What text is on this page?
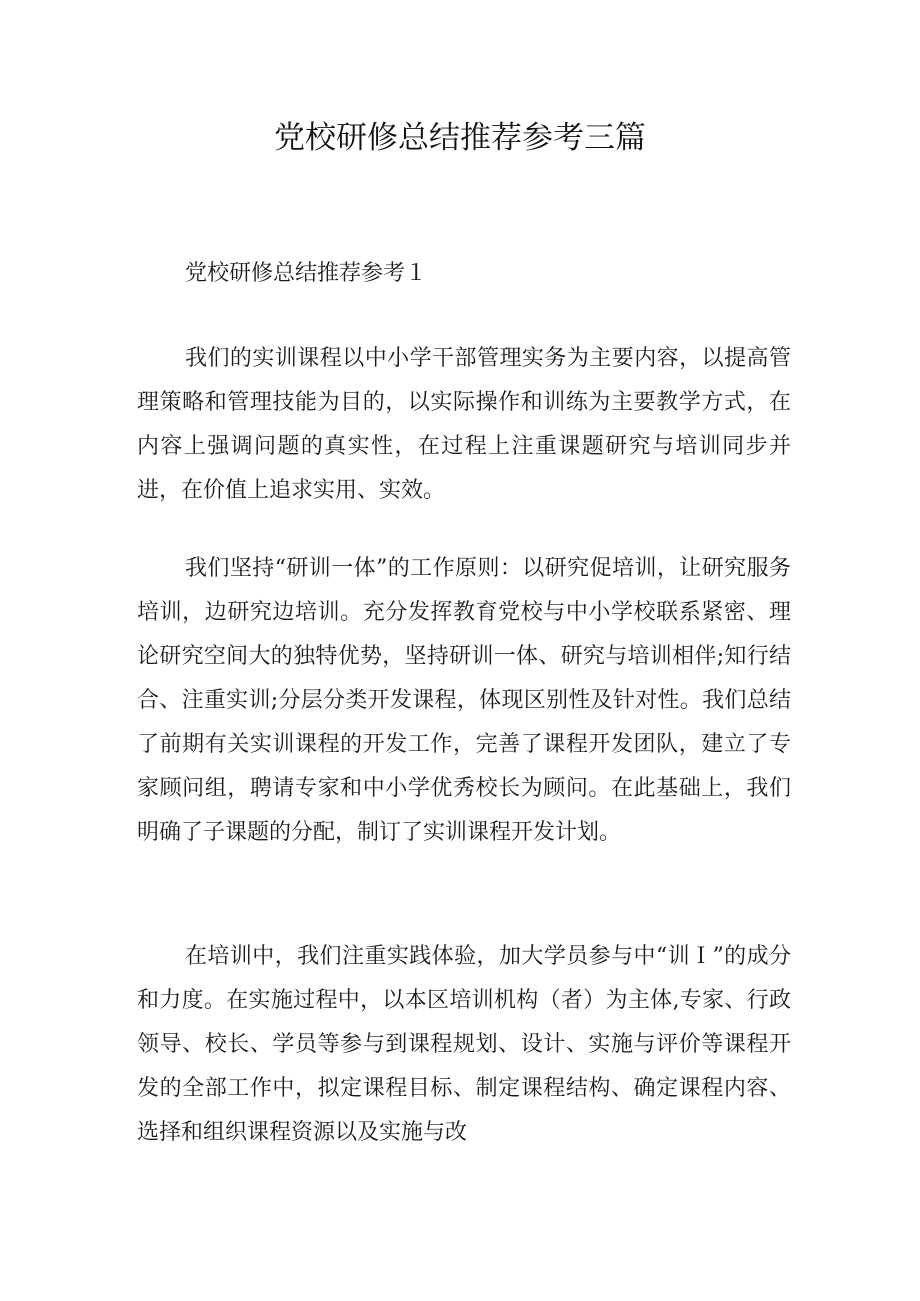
党校研修总结推荐参考三篇
党校研修总结推荐参考１

我们的实训课程以中小学干部管理实务为主要内容，以提高管理策略和管理技能为目的，以实际操作和训练为主要教学方式，在内容上强调问题的真实性，在过程上注重课题研究与培训同步并进，在价值上追求实用、实效。

我们坚持“研训一体”的工作原则：以研究促培训，让研究服务培训，边研究边培训。充分发挥教育党校与中小学校联系紧密、理论研究空间大的独特优势，坚持研训一体、研究与培训相伴;知行结合、注重实训;分层分类开发课程，体现区别性及针对性。我们总结了前期有关实训课程的开发工作，完善了课程开发团队，建立了专家顾问组，聘请专家和中小学优秀校长为顾问。在此基础上，我们明确了子课题的分配，制订了实训课程开发计划。

在培训中，我们注重实践体验，加大学员参与中“训Ｉ”的成分和力度。在实施过程中，以本区培训机构（者）为主体,专家、行政领导、校长、学员等参与到课程规划、设计、实施与评价等课程开发的全部工作中，拟定课程目标、制定课程结构、确定课程内容、选择和组织课程资源以及实施与改
